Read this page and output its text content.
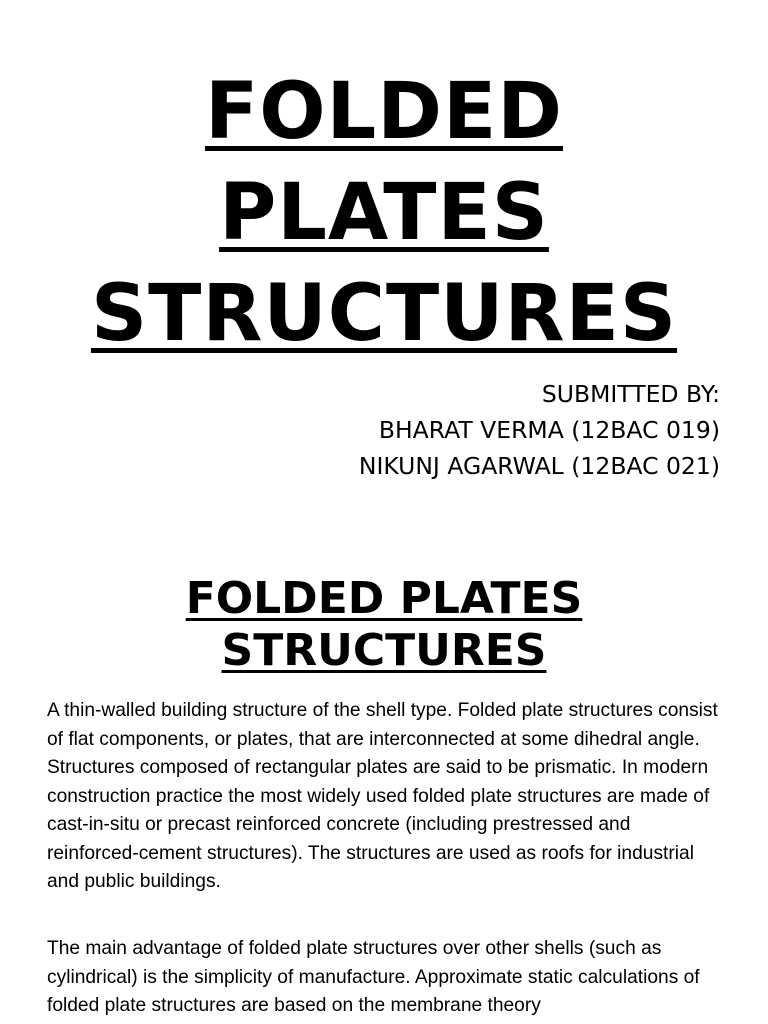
FOLDED
PLATES
STRUCTURES
SUBMITTED BY:
BHARAT VERMA (12BAC 019)
NIKUNJ AGARWAL (12BAC 021)
FOLDED PLATES
STRUCTURES

A thin-walled building structure of the shell type. Folded plate structures consist of flat components, or plates, that are interconnected at some dihedral angle. Structures composed of rectangular plates are said to be prismatic. In modern construction practice the most widely used folded plate structures are made of cast-in-situ or precast reinforced concrete (including prestressed and reinforced-cement structures). The structures are used as roofs for industrial and public buildings.

The main advantage of folded plate structures over other shells (such as cylindrical) is the simplicity of manufacture. Approximate static calculations of folded plate structures are based on the membrane theory
